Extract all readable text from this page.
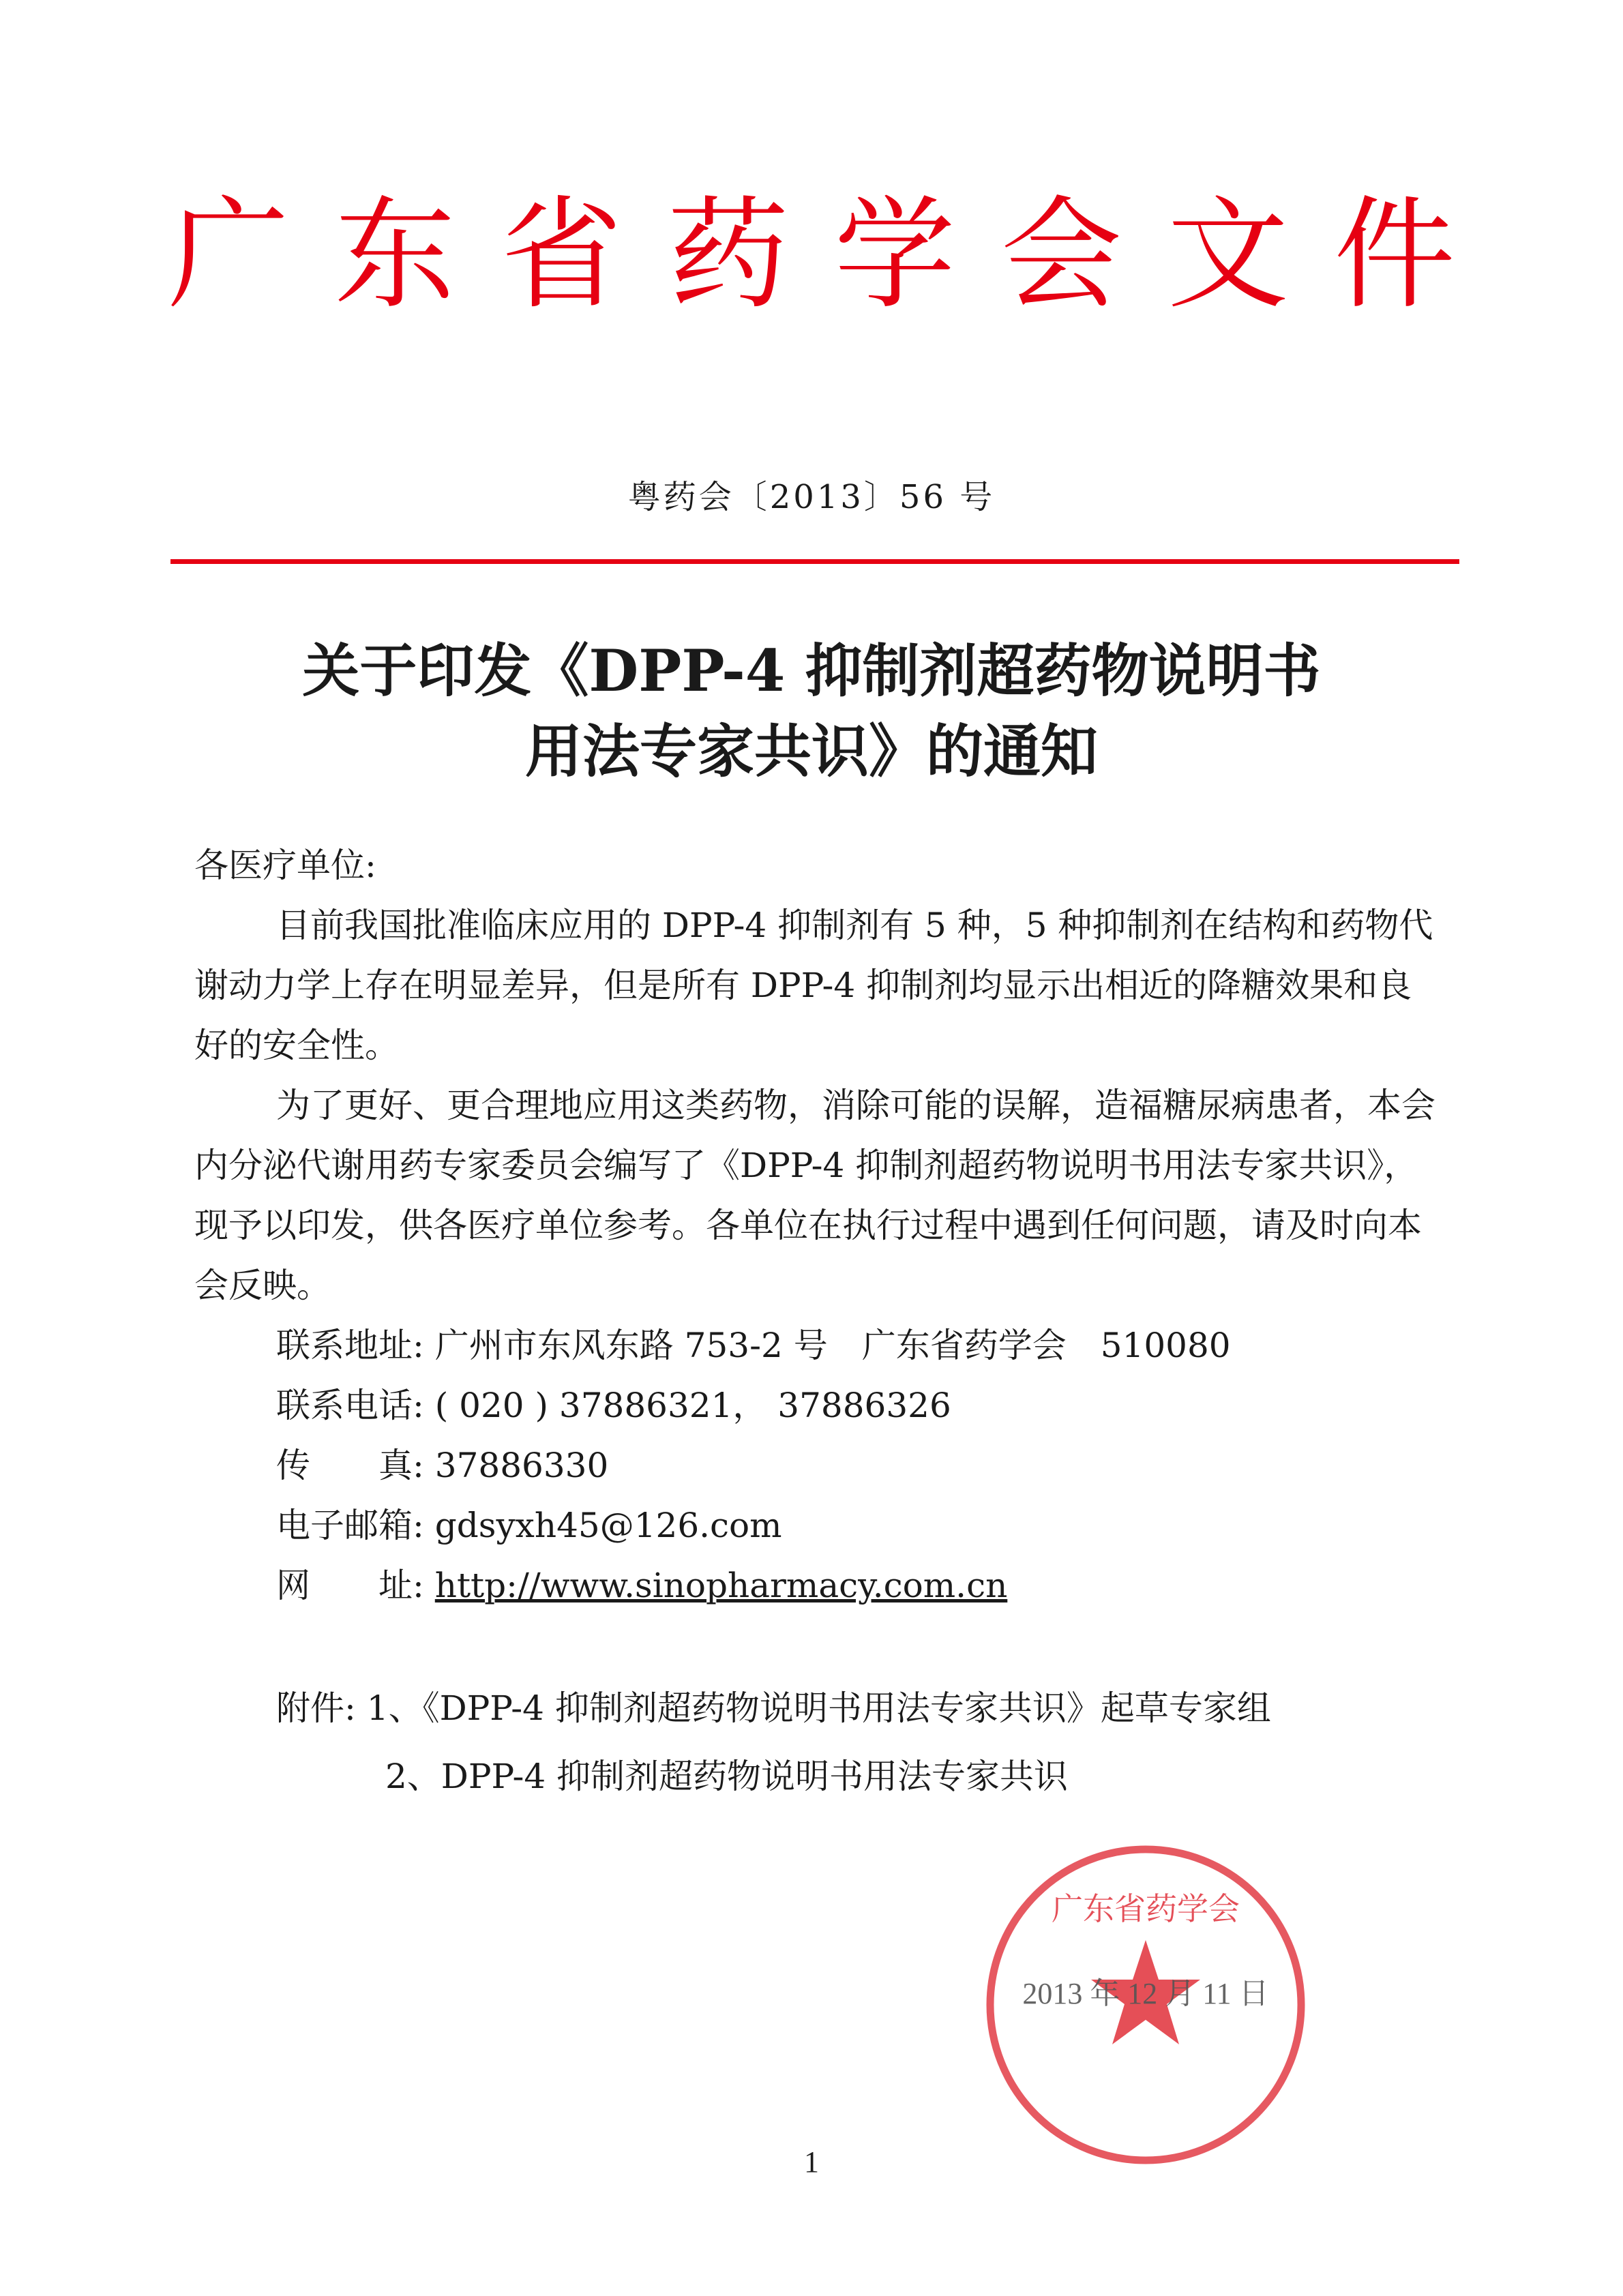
广 东 省 药 学 会 文 件
粤药会〔2013〕56 号
关于印发《DPP-4 抑制剂超药物说明书
用法专家共识》的通知

各医疗单位:

目前我国批准临床应用的 DPP-4 抑制剂有 5 种，5 种抑制剂在结构和药物代谢动力学上存在明显差异，但是所有 DPP-4 抑制剂均显示出相近的降糖效果和良好的安全性。

为了更好、更合理地应用这类药物，消除可能的误解，造福糖尿病患者，本会内分泌代谢用药专家委员会编写了《DPP-4 抑制剂超药物说明书用法专家共识》，现予以印发，供各医疗单位参考。各单位在执行过程中遇到任何问题，请及时向本会反映。

联系地址: 广州市东风东路 753-2 号　广东省药学会　510080

联系电话: ( 020 ) 37886321， 37886326

传　　真: 37886330

电子邮箱: gdsyxh45@126.com

网　　址: http://www.sinopharmacy.com.cn

附件: 1、《DPP-4 抑制剂超药物说明书用法专家共识》起草专家组
2、DPP-4 抑制剂超药物说明书用法专家共识
广东省药学会
2013 年 12 月 11 日
1
